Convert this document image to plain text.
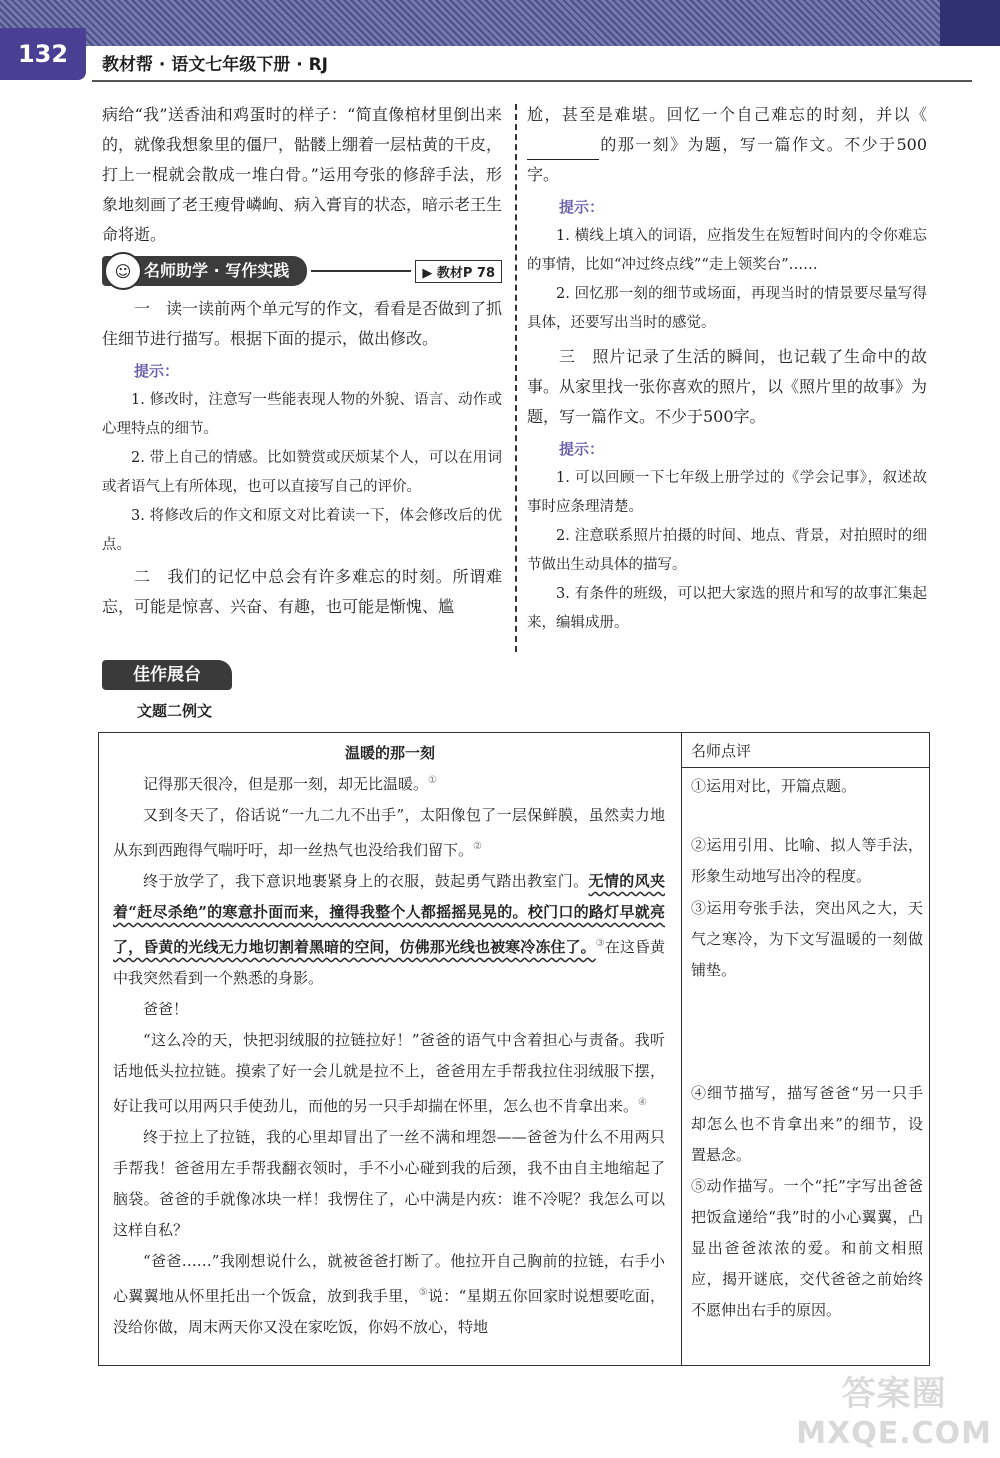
132	教材帮 · 语文七年级下册 · RJ

病给“我”送香油和鸡蛋时的样子：“简直像棺材里倒出来的，就像我想象里的僵尸，骷髅上绷着一层枯黄的干皮，打上一棍就会散成一堆白骨。”运用夸张的修辞手法，形象地刻画了老王瘦骨嶙峋、病入膏肓的状态，暗示老王生命将逝。

☺ 名师助学 · 写作实践	▶ 教材P 78

一　读一读前两个单元写的作文，看看是否做到了抓住细节进行描写。根据下面的提示，做出修改。

提示：

1. 修改时，注意写一些能表现人物的外貌、语言、动作或心理特点的细节。

2. 带上自己的情感。比如赞赏或厌烦某个人，可以在用词或者语气上有所体现，也可以直接写自己的评价。

3. 将修改后的作文和原文对比着读一下，体会修改后的优点。

二　我们的记忆中总会有许多难忘的时刻。所谓难忘，可能是惊喜、兴奋、有趣，也可能是惭愧、尴

尬，甚至是难堪。回忆一个自己难忘的时刻，并以《的那一刻》为题，写一篇作文。不少于500字。

提示：

1. 横线上填入的词语，应指发生在短暂时间内的令你难忘的事情，比如“冲过终点线”“走上领奖台”……

2. 回忆那一刻的细节或场面，再现当时的情景要尽量写得具体，还要写出当时的感觉。

三　照片记录了生活的瞬间，也记载了生命中的故事。从家里找一张你喜欢的照片，以《照片里的故事》为题，写一篇作文。不少于500字。

提示：

1. 可以回顾一下七年级上册学过的《学会记事》，叙述故事时应条理清楚。

2. 注意联系照片拍摄的时间、地点、背景，对拍照时的细节做出生动具体的描写。

3. 有条件的班级，可以把大家选的照片和写的故事汇集起来，编辑成册。

佳作展台
文题二例文
温暖的那一刻

记得那天很冷，但是那一刻，却无比温暖。①

又到冬天了，俗话说“一九二九不出手”，太阳像包了一层保鲜膜，虽然卖力地从东到西跑得气喘吁吁，却一丝热气也没给我们留下。②

终于放学了，我下意识地裹紧身上的衣服，鼓起勇气踏出教室门。无情的风夹着“赶尽杀绝”的寒意扑面而来，撞得我整个人都摇摇晃晃的。校门口的路灯早就亮了，昏黄的光线无力地切割着黑暗的空间，仿佛那光线也被寒冷冻住了。③在这昏黄中我突然看到一个熟悉的身影。

爸爸！

“这么冷的天，快把羽绒服的拉链拉好！”爸爸的语气中含着担心与责备。我听话地低头拉拉链。摸索了好一会儿就是拉不上，爸爸用左手帮我拉住羽绒服下摆，好让我可以用两只手使劲儿，而他的另一只手却揣在怀里，怎么也不肯拿出来。④

终于拉上了拉链，我的心里却冒出了一丝不满和埋怨——爸爸为什么不用两只手帮我！爸爸用左手帮我翻衣领时，手不小心碰到我的后颈，我不由自主地缩起了脑袋。爸爸的手就像冰块一样！我愣住了，心中满是内疚：谁不冷呢？我怎么可以这样自私？

“爸爸……”我刚想说什么，就被爸爸打断了。他拉开自己胸前的拉链，右手小心翼翼地从怀里托出一个饭盒，放到我手里，⑤说：“星期五你回家时说想要吃面，没给你做，周末两天你又没在家吃饭，你妈不放心，特地

名师点评
①运用对比，开篇点题。
②运用引用、比喻、拟人等手法，形象生动地写出冷的程度。
③运用夸张手法，突出风之大，天气之寒冷，为下文写温暖的一刻做铺垫。
④细节描写，描写爸爸“另一只手却怎么也不肯拿出来”的细节，设置悬念。
⑤动作描写。一个“托”字写出爸爸把饭盒递给“我”时的小心翼翼，凸显出爸爸浓浓的爱。和前文相照应，揭开谜底，交代爸爸之前始终不愿伸出右手的原因。
答案圈
MXQE.COM
